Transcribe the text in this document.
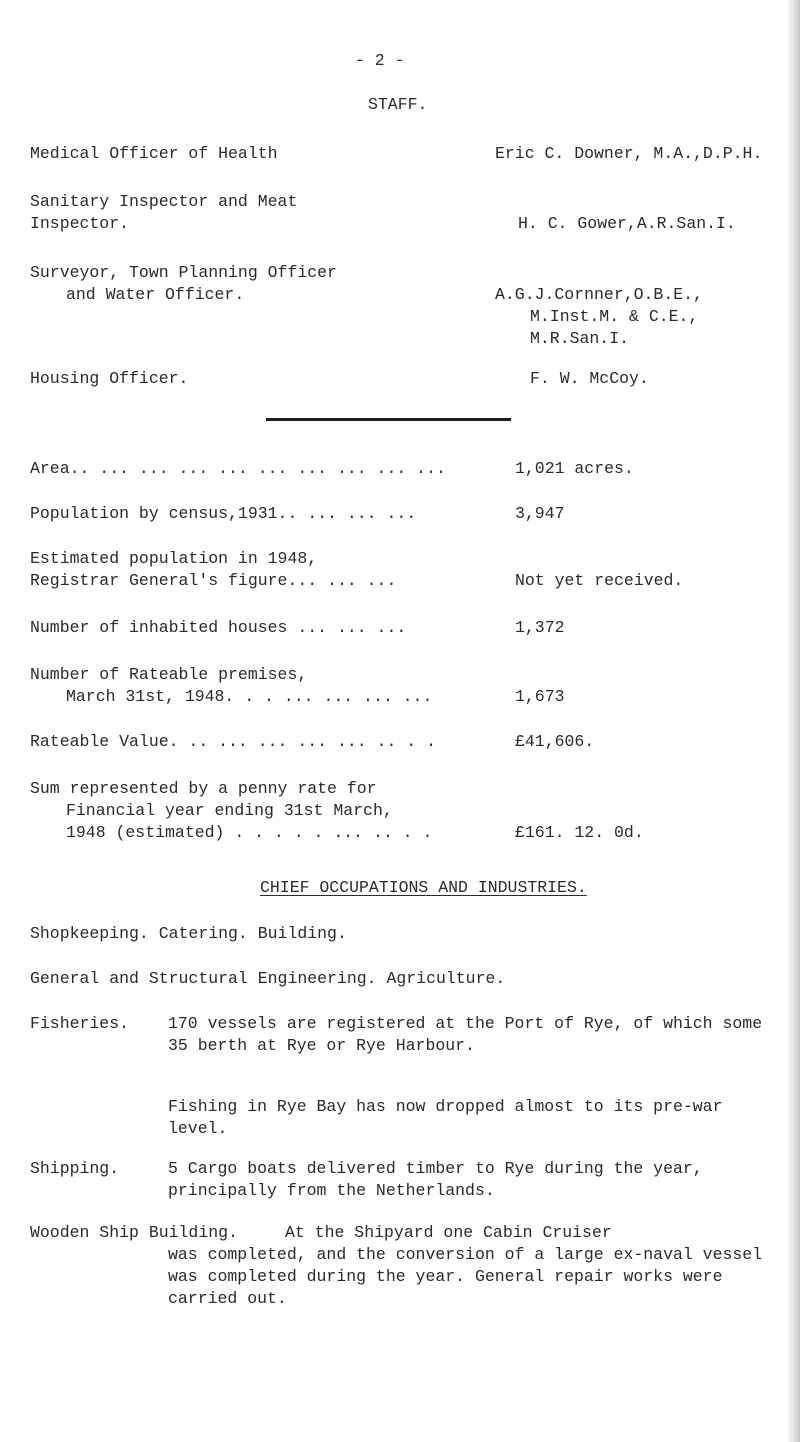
- 2 -
STAFF.
Medical Officer of Health	Eric C. Downer, M.A.,D.P.H.
Sanitary Inspector and Meat
Inspector.	H. C. Gower,A.R.San.I.
Surveyor, Town Planning Officer
and Water Officer.	A.G.J.Cornner,O.B.E.,
M.Inst.M. & C.E.,
M.R.San.I.
Housing Officer.	F. W. McCoy.
Area.. ... ... ... ... ... ... ... ... ...	1,021 acres.
Population by census,1931.. ... ... ...	3,947
Estimated population in 1948,
Registrar General's figure... ... ...	Not yet received.
Number of inhabited houses ... ... ...	1,372
Number of Rateable premises,
March 31st, 1948. . . ... ... ... ...	1,673
Rateable Value. .. ... ... ... ... .. . .	£41,606.
Sum represented by a penny rate for
Financial year ending 31st March,
1948 (estimated) . . . . . ... .. . .	£161. 12. 0d.
CHIEF OCCUPATIONS AND INDUSTRIES.
Shopkeeping. Catering. Building.
General and Structural Engineering. Agriculture.
Fisheries. 170 vessels are registered at the Port of Rye, of which some 35 berth at Rye or Rye Harbour.
Fishing in Rye Bay has now dropped almost to its pre-war level.
Shipping.	5 Cargo boats delivered timber to Rye during the year, principally from the Netherlands.
Wooden Ship Building.	At the Shipyard one Cabin Cruiser
was completed, and the conversion of a large ex-naval vessel was completed during the year. General repair works were carried out.
